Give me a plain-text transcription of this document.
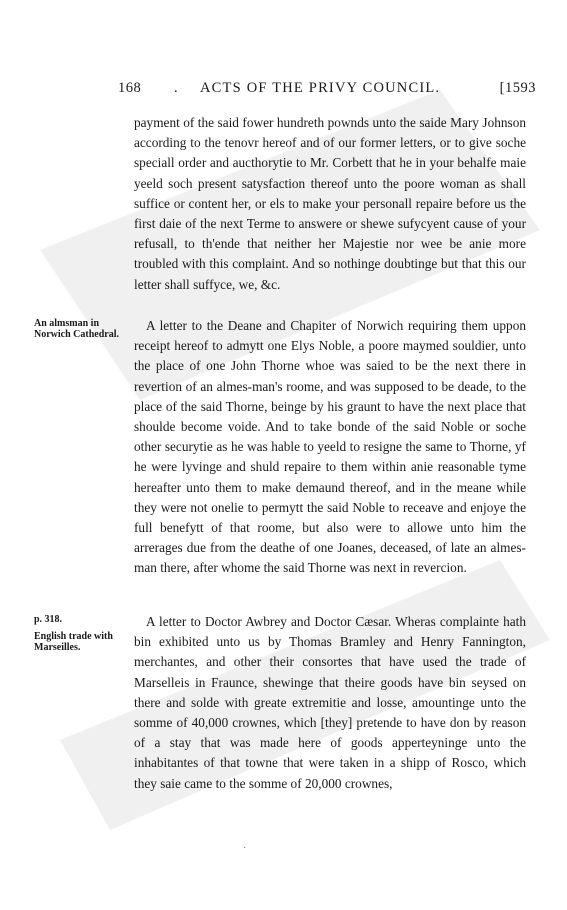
168 . ACTS OF THE PRIVY COUNCIL.	[1593
payment of the said fower hundreth pownds unto the saide Mary Johnson according to the tenovr hereof and of our former letters, or to give soche speciall order and aucthorytie to Mr. Corbett that he in your behalfe maie yeeld soch present satysfaction thereof unto the poore woman as shall suffice or content her, or els to make your personall repaire before us the first daie of the next Terme to answere or shewe sufycyent cause of your refusall, to th'ende that neither her Majestie nor wee be anie more troubled with this complaint. And so nothinge doubtinge but that this our letter shall suffyce, we, &c.
A letter to the Deane and Chapiter of Norwich requiring them uppon receipt hereof to admytt one Elys Noble, a poore maymed souldier, unto the place of one John Thorne whoe was saied to be the next there in revertion of an almes-man's roome, and was supposed to be deade, to the place of the said Thorne, beinge by his graunt to have the next place that shoulde become voide. And to take bonde of the said Noble or soche other securytie as he was hable to yeeld to resigne the same to Thorne, yf he were lyvinge and shuld repaire to them within anie reasonable tyme hereafter unto them to make demaund thereof, and in the meane while they were not onelie to permytt the said Noble to receave and enjoye the full benefytt of that roome, but also were to allowe unto him the arrerages due from the deathe of one Joanes, deceased, of late an almes-man there, after whome the said Thorne was next in revercion.
A letter to Doctor Awbrey and Doctor Cæsar. Wheras complainte hath bin exhibited unto us by Thomas Bramley and Henry Fannington, merchantes, and other their consortes that have used the trade of Marselleis in Fraunce, shewinge that theire goods have bin seysed on there and solde with greate extremitie and losse, amountinge unto the somme of 40,000 crownes, which [they] pretende to have don by reason of a stay that was made here of goods apperteyninge unto the inhabitantes of that towne that were taken in a shipp of Rosco, which they saie came to the somme of 20,000 crownes,
An almsman in Norwich Cathedral.
p. 318.
English trade with Marseilles.
·
